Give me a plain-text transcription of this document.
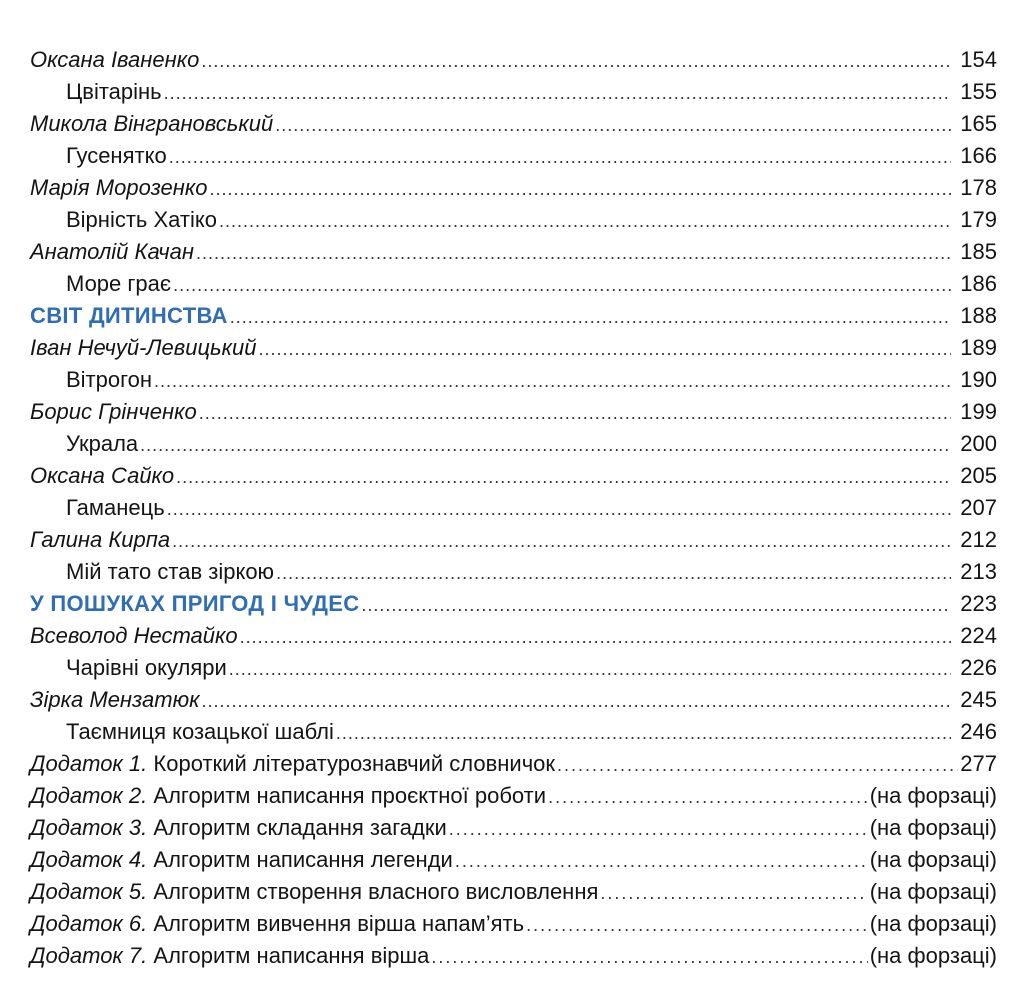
Оксана Іваненко .....	154
Цвітарінь .....	155
Микола Вінграновський .....	165
Гусенятко .....	166
Марія Морозенко .....	178
Вірність Хатіко .....	179
Анатолій Качан .....	185
Море грає .....	186
СВІТ ДИТИНСТВА .....	188
Іван Нечуй-Левицький .....	189
Вітрогон .....	190
Борис Грінченко .....	199
Украла .....	200
Оксана Сайко .....	205
Гаманець .....	207
Галина Кирпа .....	212
Мій тато став зіркою .....	213
У ПОШУКАХ ПРИГОД І ЧУДЕС .....	223
Всеволод Нестайко .....	224
Чарівні окуляри .....	226
Зірка Мензатюк .....	245
Таємниця козацької шаблі .....	246
Додаток 1. Короткий літературознавчий словничок .....	277
Додаток 2. Алгоритм написання проєктної роботи .....	(на форзаці)
Додаток 3. Алгоритм складання загадки .....	(на форзаці)
Додаток 4. Алгоритм написання легенди .....	(на форзаці)
Додаток 5. Алгоритм створення власного висловлення .....	(на форзаці)
Додаток 6. Алгоритм вивчення вірша напам’ять .....	(на форзаці)
Додаток 7. Алгоритм написання вірша .....	(на форзаці)
